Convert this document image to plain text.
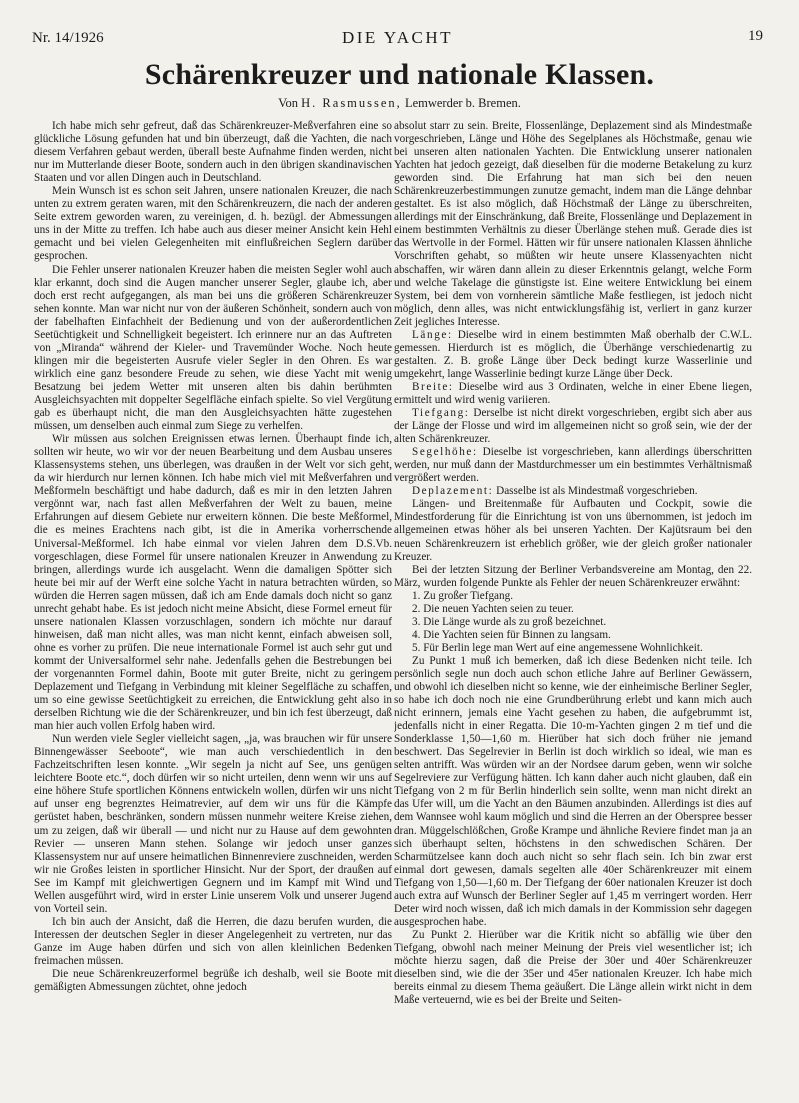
Nr. 14/1926	DIE YACHT	19
Schärenkreuzer und nationale Klassen.
Von H. Rasmussen, Lemwerder b. Bremen.

Ich habe mich sehr gefreut, daß das Schärenkreuzer-Meßverfahren eine so glückliche Lösung gefunden hat und bin überzeugt, daß die Yachten, die nach diesem Verfahren gebaut werden, überall beste Aufnahme finden werden, nicht nur im Mutterlande dieser Boote, sondern auch in den übrigen skandinavischen Staaten und vor allen Dingen auch in Deutschland.

Mein Wunsch ist es schon seit Jahren, unsere nationalen Kreuzer, die nach unten zu extrem geraten waren, mit den Schärenkreuzern, die nach der anderen Seite extrem geworden waren, zu vereinigen, d. h. bezügl. der Abmessungen uns in der Mitte zu treffen. Ich habe auch aus dieser meiner Ansicht kein Hehl gemacht und bei vielen Gelegenheiten mit einflußreichen Seglern darüber gesprochen.

Die Fehler unserer nationalen Kreuzer haben die meisten Segler wohl auch klar erkannt, doch sind die Augen mancher unserer Segler, glaube ich, aber doch erst recht aufgegangen, als man bei uns die größeren Schärenkreuzer sehen konnte. Man war nicht nur von der äußeren Schönheit, sondern auch von der fabelhaften Einfachheit der Bedienung und von der außerordentlichen Seetüchtigkeit und Schnelligkeit begeistert. Ich erinnere nur an das Auftreten von „Miranda“ während der Kieler- und Travemünder Woche. Noch heute klingen mir die begeisterten Ausrufe vieler Segler in den Ohren. Es war wirklich eine ganz besondere Freude zu sehen, wie diese Yacht mit wenig Besatzung bei jedem Wetter mit unseren alten bis dahin berühmten Ausgleichsyachten mit doppelter Segelfläche einfach spielte. So viel Vergütung gab es überhaupt nicht, die man den Ausgleichsyachten hätte zugestehen müssen, um denselben auch einmal zum Siege zu verhelfen.

Wir müssen aus solchen Ereignissen etwas lernen. Überhaupt finde ich, sollten wir heute, wo wir vor der neuen Bearbeitung und dem Ausbau unseres Klassensystems stehen, uns überlegen, was draußen in der Welt vor sich geht, da wir hierdurch nur lernen können. Ich habe mich viel mit Meßverfahren und Meßformeln beschäftigt und habe dadurch, daß es mir in den letzten Jahren vergönnt war, nach fast allen Meßverfahren der Welt zu bauen, meine Erfahrungen auf diesem Gebiete nur erweitern können. Die beste Meßformel, die es meines Erachtens nach gibt, ist die in Amerika vorherrschende Universal-Meßformel. Ich habe einmal vor vielen Jahren dem D.S.Vb. vorgeschlagen, diese Formel für unsere nationalen Kreuzer in Anwendung zu bringen, allerdings wurde ich ausgelacht. Wenn die damaligen Spötter sich heute bei mir auf der Werft eine solche Yacht in natura betrachten würden, so würden die Herren sagen müssen, daß ich am Ende damals doch nicht so ganz unrecht gehabt habe. Es ist jedoch nicht meine Absicht, diese Formel erneut für unsere nationalen Klassen vorzuschlagen, sondern ich möchte nur darauf hinweisen, daß man nicht alles, was man nicht kennt, einfach abweisen soll, ohne es vorher zu prüfen. Die neue internationale Formel ist auch sehr gut und kommt der Universalformel sehr nahe. Jedenfalls gehen die Bestrebungen bei der vorgenannten Formel dahin, Boote mit guter Breite, nicht zu geringem Deplazement und Tiefgang in Verbindung mit kleiner Segelfläche zu schaffen, um so eine gewisse Seetüchtigkeit zu erreichen, die Entwicklung geht also in derselben Richtung wie die der Schärenkreuzer, und bin ich fest überzeugt, daß man hier auch vollen Erfolg haben wird.

Nun werden viele Segler vielleicht sagen, „ja, was brauchen wir für unsere Binnengewässer Seeboote“, wie man auch verschiedentlich in den Fachzeitschriften lesen konnte. „Wir segeln ja nicht auf See, uns genügen leichtere Boote etc.“, doch dürfen wir so nicht urteilen, denn wenn wir uns auf eine höhere Stufe sportlichen Könnens entwickeln wollen, dürfen wir uns nicht auf unser eng begrenztes Heimatrevier, auf dem wir uns für die Kämpfe gerüstet haben, beschränken, sondern müssen nunmehr weitere Kreise ziehen, um zu zeigen, daß wir überall — und nicht nur zu Hause auf dem gewohnten Revier — unseren Mann stehen. Solange wir jedoch unser ganzes Klassensystem nur auf unsere heimatlichen Binnenreviere zuschneiden, werden wir nie Großes leisten in sportlicher Hinsicht. Nur der Sport, der draußen auf See im Kampf mit gleichwertigen Gegnern und im Kampf mit Wind und Wellen ausgeführt wird, wird in erster Linie unserem Volk und unserer Jugend von Vorteil sein.

Ich bin auch der Ansicht, daß die Herren, die dazu berufen wurden, die Interessen der deutschen Segler in dieser Angelegenheit zu vertreten, nur das Ganze im Auge haben dürfen und sich von allen kleinlichen Bedenken freimachen müssen.

Die neue Schärenkreuzerformel begrüße ich deshalb, weil sie Boote mit gemäßigten Abmessungen züchtet, ohne jedoch

absolut starr zu sein. Breite, Flossenlänge, Deplazement sind als Mindestmaße vorgeschrieben, Länge und Höhe des Segelplanes als Höchstmaße, genau wie bei unseren alten nationalen Yachten. Die Entwicklung unserer nationalen Yachten hat jedoch gezeigt, daß dieselben für die moderne Betakelung zu kurz geworden sind. Die Erfahrung hat man sich bei den neuen Schärenkreuzerbestimmungen zunutze gemacht, indem man die Länge dehnbar gestaltet. Es ist also möglich, daß Höchstmaß der Länge zu überschreiten, allerdings mit der Einschränkung, daß Breite, Flossenlänge und Deplazement in einem bestimmten Verhältnis zu dieser Überlänge stehen muß. Gerade dies ist das Wertvolle in der Formel. Hätten wir für unsere nationalen Klassen ähnliche Vorschriften gehabt, so müßten wir heute unsere Klassenyachten nicht abschaffen, wir wären dann allein zu dieser Erkenntnis gelangt, welche Form und welche Takelage die günstigste ist. Eine weitere Entwicklung bei einem System, bei dem von vornherein sämtliche Maße festliegen, ist jedoch nicht möglich, denn alles, was nicht entwicklungsfähig ist, verliert in ganz kurzer Zeit jegliches Interesse.

Länge: Dieselbe wird in einem bestimmten Maß oberhalb der C.W.L. gemessen. Hierdurch ist es möglich, die Überhänge verschiedenartig zu gestalten. Z. B. große Länge über Deck bedingt kurze Wasserlinie und umgekehrt, lange Wasserlinie bedingt kurze Länge über Deck.

Breite: Dieselbe wird aus 3 Ordinaten, welche in einer Ebene liegen, ermittelt und wird wenig variieren.

Tiefgang: Derselbe ist nicht direkt vorgeschrieben, ergibt sich aber aus der Länge der Flosse und wird im allgemeinen nicht so groß sein, wie der der alten Schärenkreuzer.

Segelhöhe: Dieselbe ist vorgeschrieben, kann allerdings überschritten werden, nur muß dann der Mastdurchmesser um ein bestimmtes Verhältnismaß vergrößert werden.

Deplazement: Dasselbe ist als Mindestmaß vorgeschrieben.

Längen- und Breitenmaße für Aufbauten und Cockpit, sowie die Mindestforderung für die Einrichtung ist von uns übernommen, ist jedoch im allgemeinen etwas höher als bei unseren Yachten. Der Kajütsraum bei den neuen Schärenkreuzern ist erheblich größer, wie der gleich großer nationaler Kreuzer.

Bei der letzten Sitzung der Berliner Verbandsvereine am Montag, den 22. März, wurden folgende Punkte als Fehler der neuen Schärenkreuzer erwähnt:

1. Zu großer Tiefgang.
2. Die neuen Yachten seien zu teuer.
3. Die Länge wurde als zu groß bezeichnet.
4. Die Yachten seien für Binnen zu langsam.
5. Für Berlin lege man Wert auf eine angemessene Wohnlichkeit.

Zu Punkt 1 muß ich bemerken, daß ich diese Bedenken nicht teile. Ich persönlich segle nun doch auch schon etliche Jahre auf Berliner Gewässern, und obwohl ich dieselben nicht so kenne, wie der einheimische Berliner Segler, so habe ich doch noch nie eine Grundberührung erlebt und kann mich auch nicht erinnern, jemals eine Yacht gesehen zu haben, die aufgebrummt ist, jedenfalls nicht in einer Regatta. Die 10-m-Yachten gingen 2 m tief und die Sonderklasse 1,50—1,60 m. Hierüber hat sich doch früher nie jemand beschwert. Das Segelrevier in Berlin ist doch wirklich so ideal, wie man es selten antrifft. Was würden wir an der Nordsee darum geben, wenn wir solche Segelreviere zur Verfügung hätten. Ich kann daher auch nicht glauben, daß ein Tiefgang von 2 m für Berlin hinderlich sein sollte, wenn man nicht direkt an das Ufer will, um die Yacht an den Bäumen anzubinden. Allerdings ist dies auf dem Wannsee wohl kaum möglich und sind die Herren an der Oberspree besser dran. Müggelschlößchen, Große Krampe und ähnliche Reviere findet man ja an sich überhaupt selten, höchstens in den schwedischen Schären. Der Scharmützelsee kann doch auch nicht so sehr flach sein. Ich bin zwar erst einmal dort gewesen, damals segelten alle 40er Schärenkreuzer mit einem Tiefgang von 1,50—1,60 m. Der Tiefgang der 60er nationalen Kreuzer ist doch auch extra auf Wunsch der Berliner Segler auf 1,45 m verringert worden. Herr Deter wird noch wissen, daß ich mich damals in der Kommission sehr dagegen ausgesprochen habe.

Zu Punkt 2. Hierüber war die Kritik nicht so abfällig wie über den Tiefgang, obwohl nach meiner Meinung der Preis viel wesentlicher ist; ich möchte hierzu sagen, daß die Preise der 30er und 40er Schärenkreuzer dieselben sind, wie die der 35er und 45er nationalen Kreuzer. Ich habe mich bereits einmal zu diesem Thema geäußert. Die Länge allein wirkt nicht in dem Maße verteuernd, wie es bei der Breite und Seiten-
